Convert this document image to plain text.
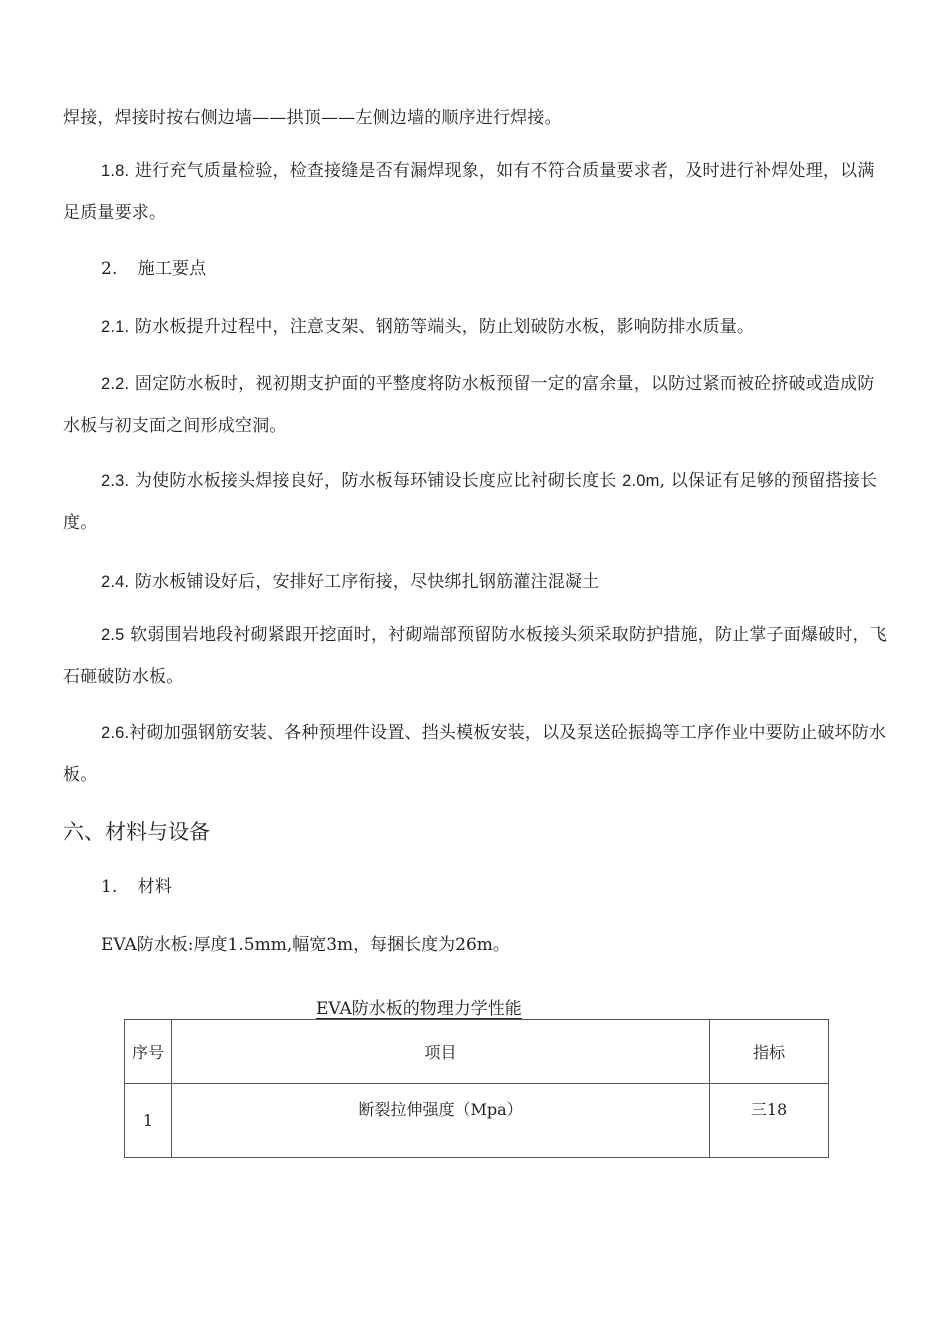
焊接，焊接时按右侧边墙——拱顶——左侧边墙的顺序进行焊接。
1.8. 进行充气质量检验，检查接缝是否有漏焊现象，如有不符合质量要求者，及时进行补焊处理，以满足质量要求。
2. 施工要点
2.1. 防水板提升过程中，注意支架、钢筋等端头，防止划破防水板，影响防排水质量。
2.2. 固定防水板时，视初期支护面的平整度将防水板预留一定的富余量，以防过紧而被砼挤破或造成防水板与初支面之间形成空洞。
2.3. 为使防水板接头焊接良好，防水板每环铺设长度应比衬砌长度长 2.0m, 以保证有足够的预留搭接长度。
2.4. 防水板铺设好后，安排好工序衔接，尽快绑扎钢筋灌注混凝土
2.5 软弱围岩地段衬砌紧跟开挖面时，衬砌端部预留防水板接头须采取防护措施，防止掌子面爆破时，飞石砸破防水板。
2.6.衬砌加强钢筋安装、各种预埋件设置、挡头模板安装，以及泵送砼振捣等工序作业中要防止破坏防水板。
六、材料与设备
1. 材料
EVA防水板:厚度1.5mm,幅宽3m，每捆长度为26m。
EVA防水板的物理力学性能
序号	项目	指标
1	断裂拉伸强度（Mpa）	三18
